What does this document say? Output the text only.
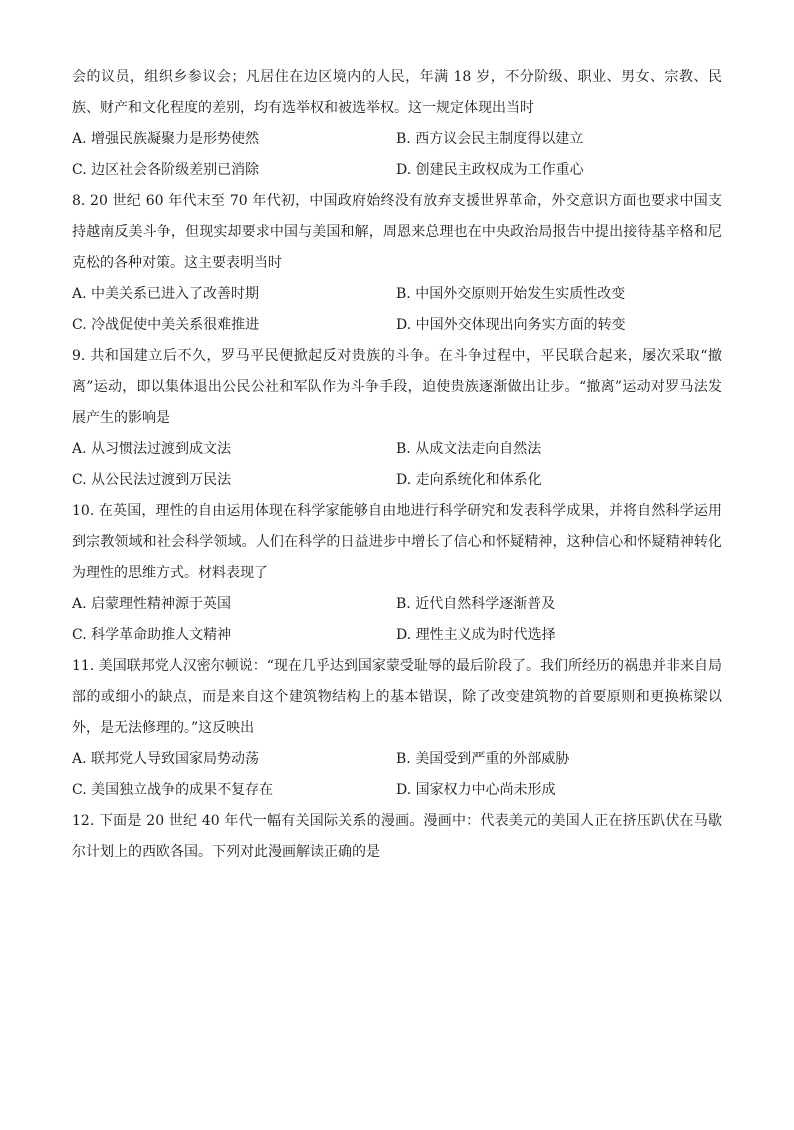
会的议员，组织乡参议会；凡居住在边区境内的人民，年满 18 岁，不分阶级、职业、男女、宗教、民族、财产和文化程度的差别，均有选举权和被选举权。这一规定体现出当时

A. 增强民族凝聚力是形势使然	B. 西方议会民主制度得以建立
C. 边区社会各阶级差别已消除	D. 创建民主政权成为工作重心

8. 20 世纪 60 年代末至 70 年代初，中国政府始终没有放弃支援世界革命，外交意识方面也要求中国支持越南反美斗争，但现实却要求中国与美国和解，周恩来总理也在中央政治局报告中提出接待基辛格和尼克松的各种对策。这主要表明当时

A. 中美关系已进入了改善时期	B. 中国外交原则开始发生实质性改变
C. 冷战促使中美关系很难推进	D. 中国外交体现出向务实方面的转变

9. 共和国建立后不久，罗马平民便掀起反对贵族的斗争。在斗争过程中，平民联合起来，屡次采取“撤离”运动，即以集体退出公民公社和军队作为斗争手段，迫使贵族逐渐做出让步。“撤离”运动对罗马法发展产生的影响是

A. 从习惯法过渡到成文法	B. 从成文法走向自然法
C. 从公民法过渡到万民法	D. 走向系统化和体系化

10. 在英国，理性的自由运用体现在科学家能够自由地进行科学研究和发表科学成果，并将自然科学运用到宗教领域和社会科学领域。人们在科学的日益进步中增长了信心和怀疑精神，这种信心和怀疑精神转化为理性的思维方式。材料表现了

A. 启蒙理性精神源于英国	B. 近代自然科学逐渐普及
C. 科学革命助推人文精神	D. 理性主义成为时代选择

11. 美国联邦党人汉密尔顿说：“现在几乎达到国家蒙受耻辱的最后阶段了。我们所经历的祸患并非来自局部的或细小的缺点，而是来自这个建筑物结构上的基本错误，除了改变建筑物的首要原则和更换栋梁以外，是无法修理的。”这反映出

A. 联邦党人导致国家局势动荡	B. 美国受到严重的外部威胁
C. 美国独立战争的成果不复存在	D. 国家权力中心尚未形成

12. 下面是 20 世纪 40 年代一幅有关国际关系的漫画。漫画中：代表美元的美国人正在挤压趴伏在马歇尔计划上的西欧各国。下列对此漫画解读正确的是
